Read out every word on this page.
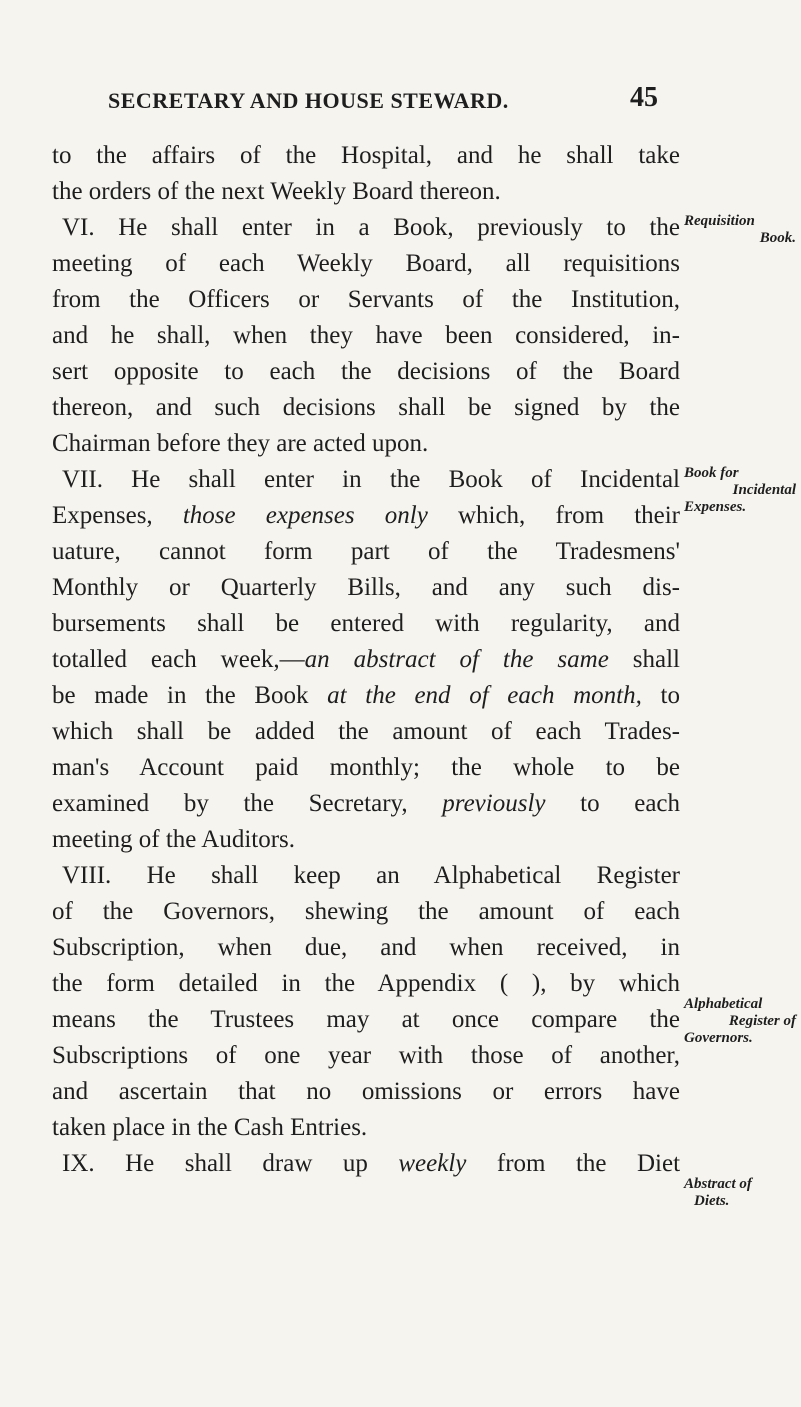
SECRETARY AND HOUSE STEWARD.	45
to the affairs of the Hospital, and he shall take
the orders of the next Weekly Board thereon.
VI. He shall enter in a Book, previously to the
meeting of each Weekly Board, all requisitions
from the Officers or Servants of the Institution,
and he shall, when they have been considered, in-
sert opposite to each the decisions of the Board
thereon, and such decisions shall be signed by the
Chairman before they are acted upon.
VII. He shall enter in the Book of Incidental
Expenses, those expenses only which, from their
uature, cannot form part of the Tradesmens'
Monthly or Quarterly Bills, and any such dis-
bursements shall be entered with regularity, and
totalled each week,—an abstract of the same shall
be made in the Book at the end of each month, to
which shall be added the amount of each Trades-
man's Account paid monthly; the whole to be
examined by the Secretary, previously to each
meeting of the Auditors.
VIII. He shall keep an Alphabetical Register
of the Governors, shewing the amount of each
Subscription, when due, and when received, in
the form detailed in the Appendix ( ), by which
means the Trustees may at once compare the
Subscriptions of one year with those of another,
and ascertain that no omissions or errors have
taken place in the Cash Entries.
IX. He shall draw up weekly from the Diet
Requisition
Book.
Book for
Incidental
Expenses.
Alphabetical
Register of
Governors.
Abstract of
Diets.
